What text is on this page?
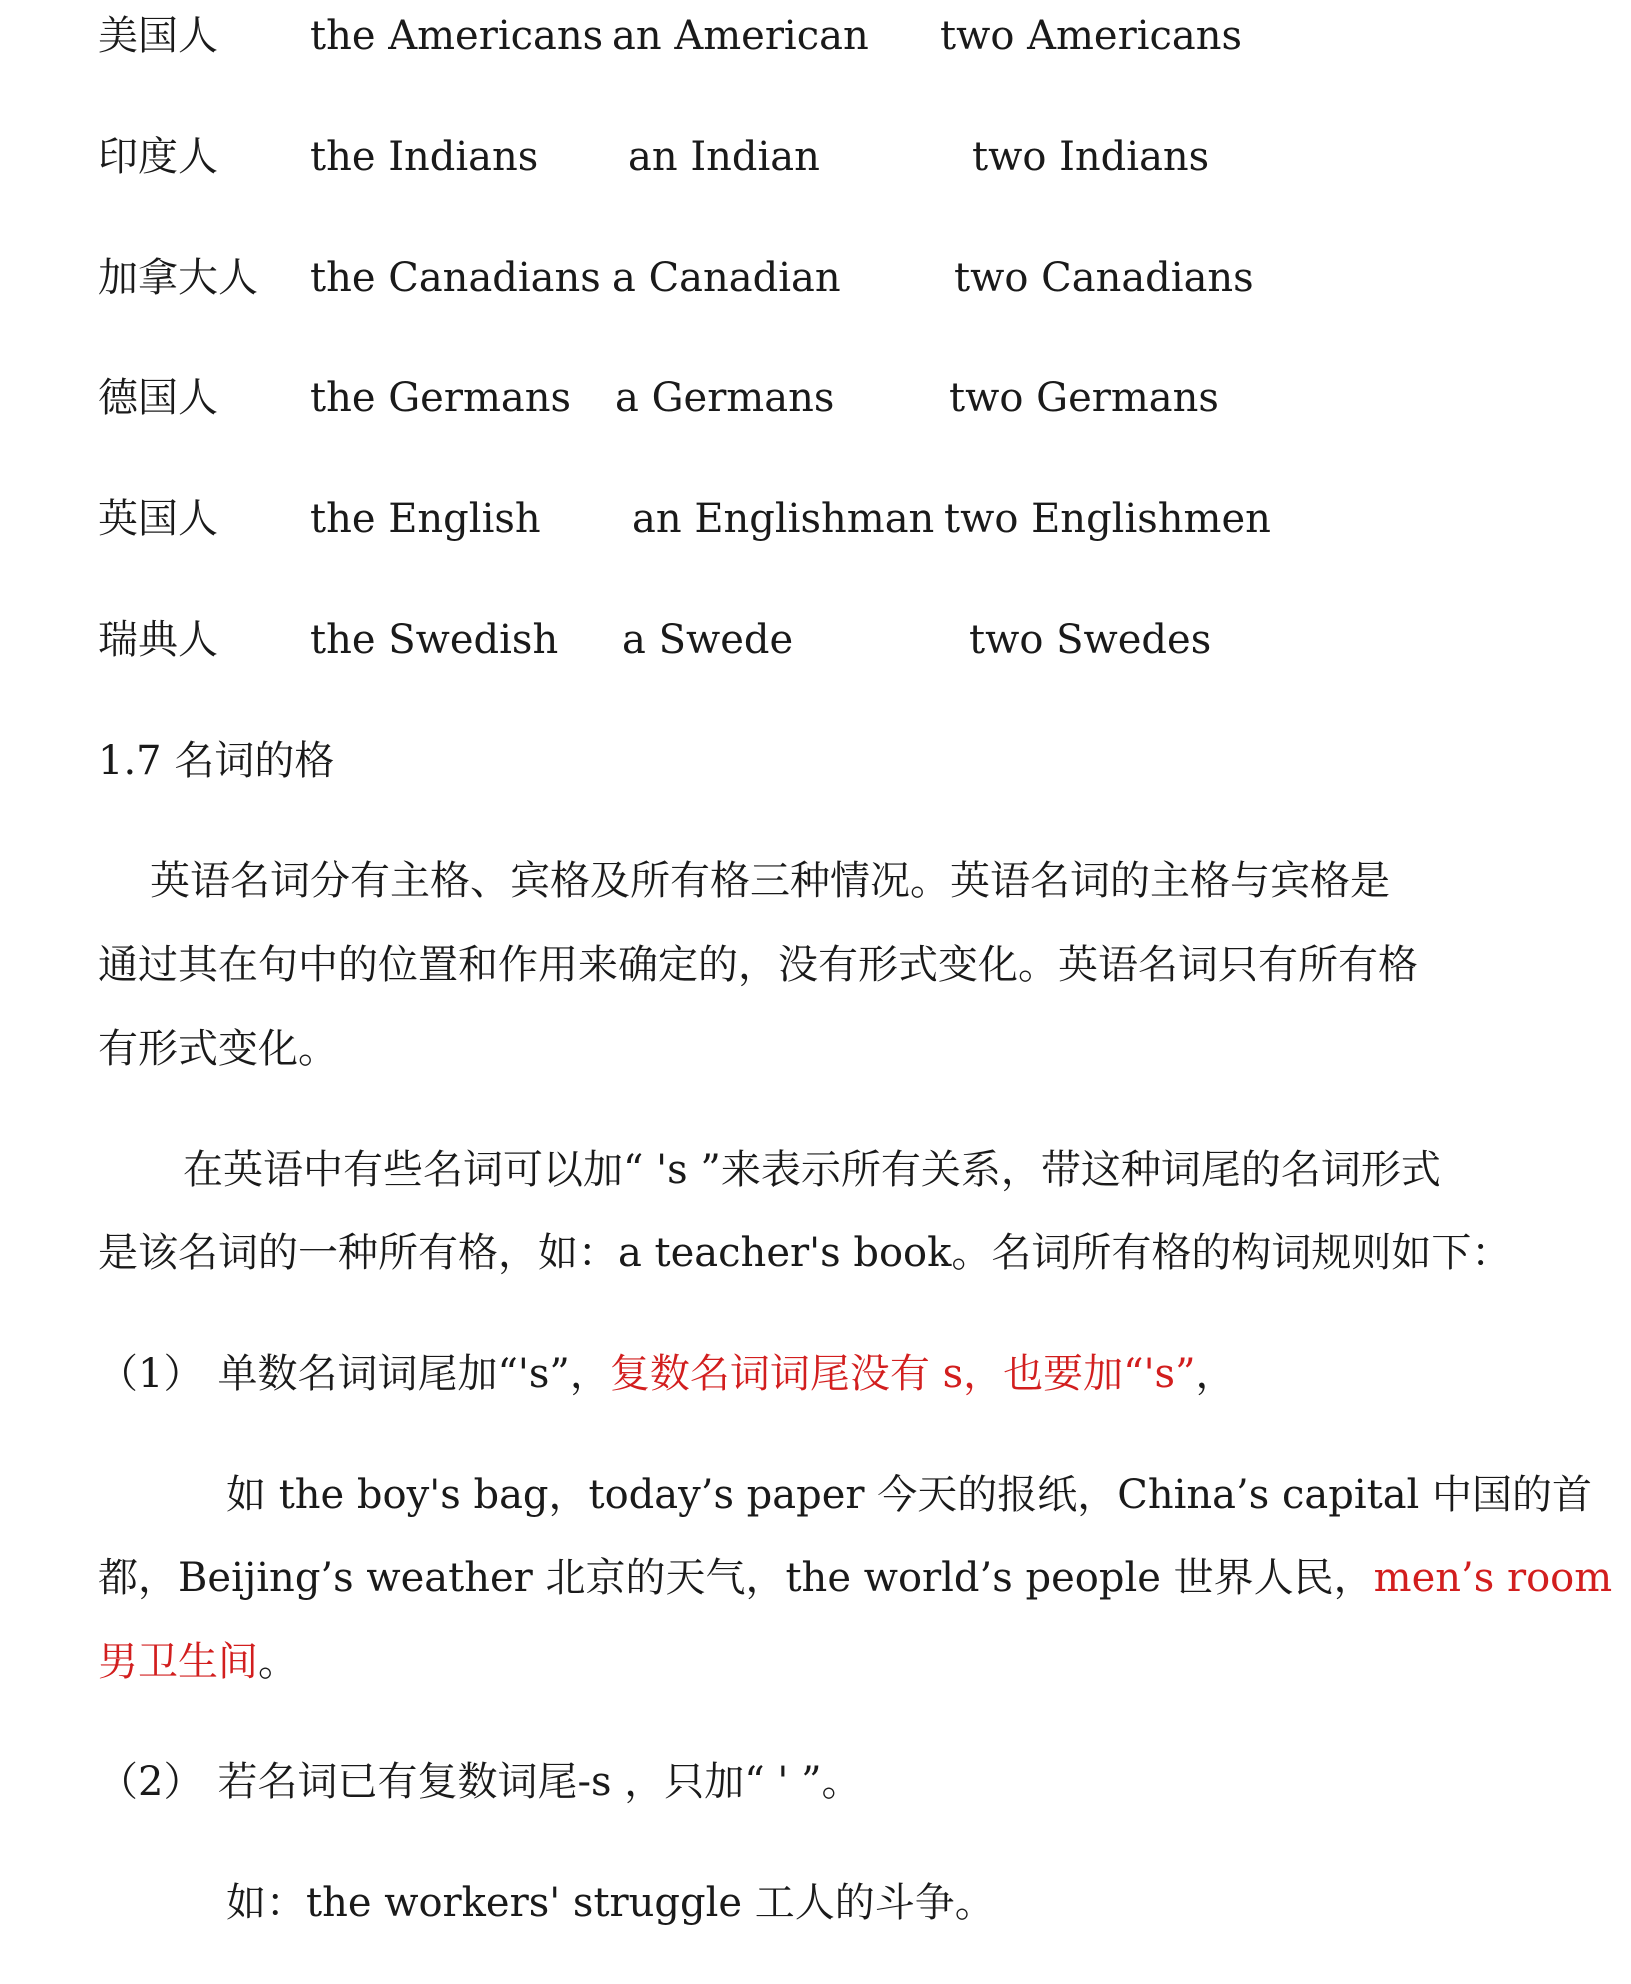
美国人 the Americans an American two Americans
印度人 the Indians an Indian	two Indians
加拿大人 the Canadians a Canadian	two Canadians
德国人 the Germans a Germans	two Germans
英国人 the English an Englishman two Englishmen
瑞典人 the Swedish a Swede	two Swedes
1.7 名词的格
英语名词分有主格、宾格及所有格三种情况。英语名词的主格与宾格是
通过其在句中的位置和作用来确定的，没有形式变化。英语名词只有所有格
有形式变化。
在英语中有些名词可以加“ 's ”来表示所有关系，带这种词尾的名词形式
是该名词的一种所有格，如：a teacher's book。名词所有格的构词规则如下：
（1） 单数名词词尾加“'s”，复数名词词尾没有 s，也要加“'s”，
如 the boy's bag，today’s paper 今天的报纸，China’s capital 中国的首
都，Beijing’s weather 北京的天气，the world’s people 世界人民，men’s room
男卫生间。
（2） 若名词已有复数词尾-s ，只加“ ' ”。
如：the workers' struggle 工人的斗争。
